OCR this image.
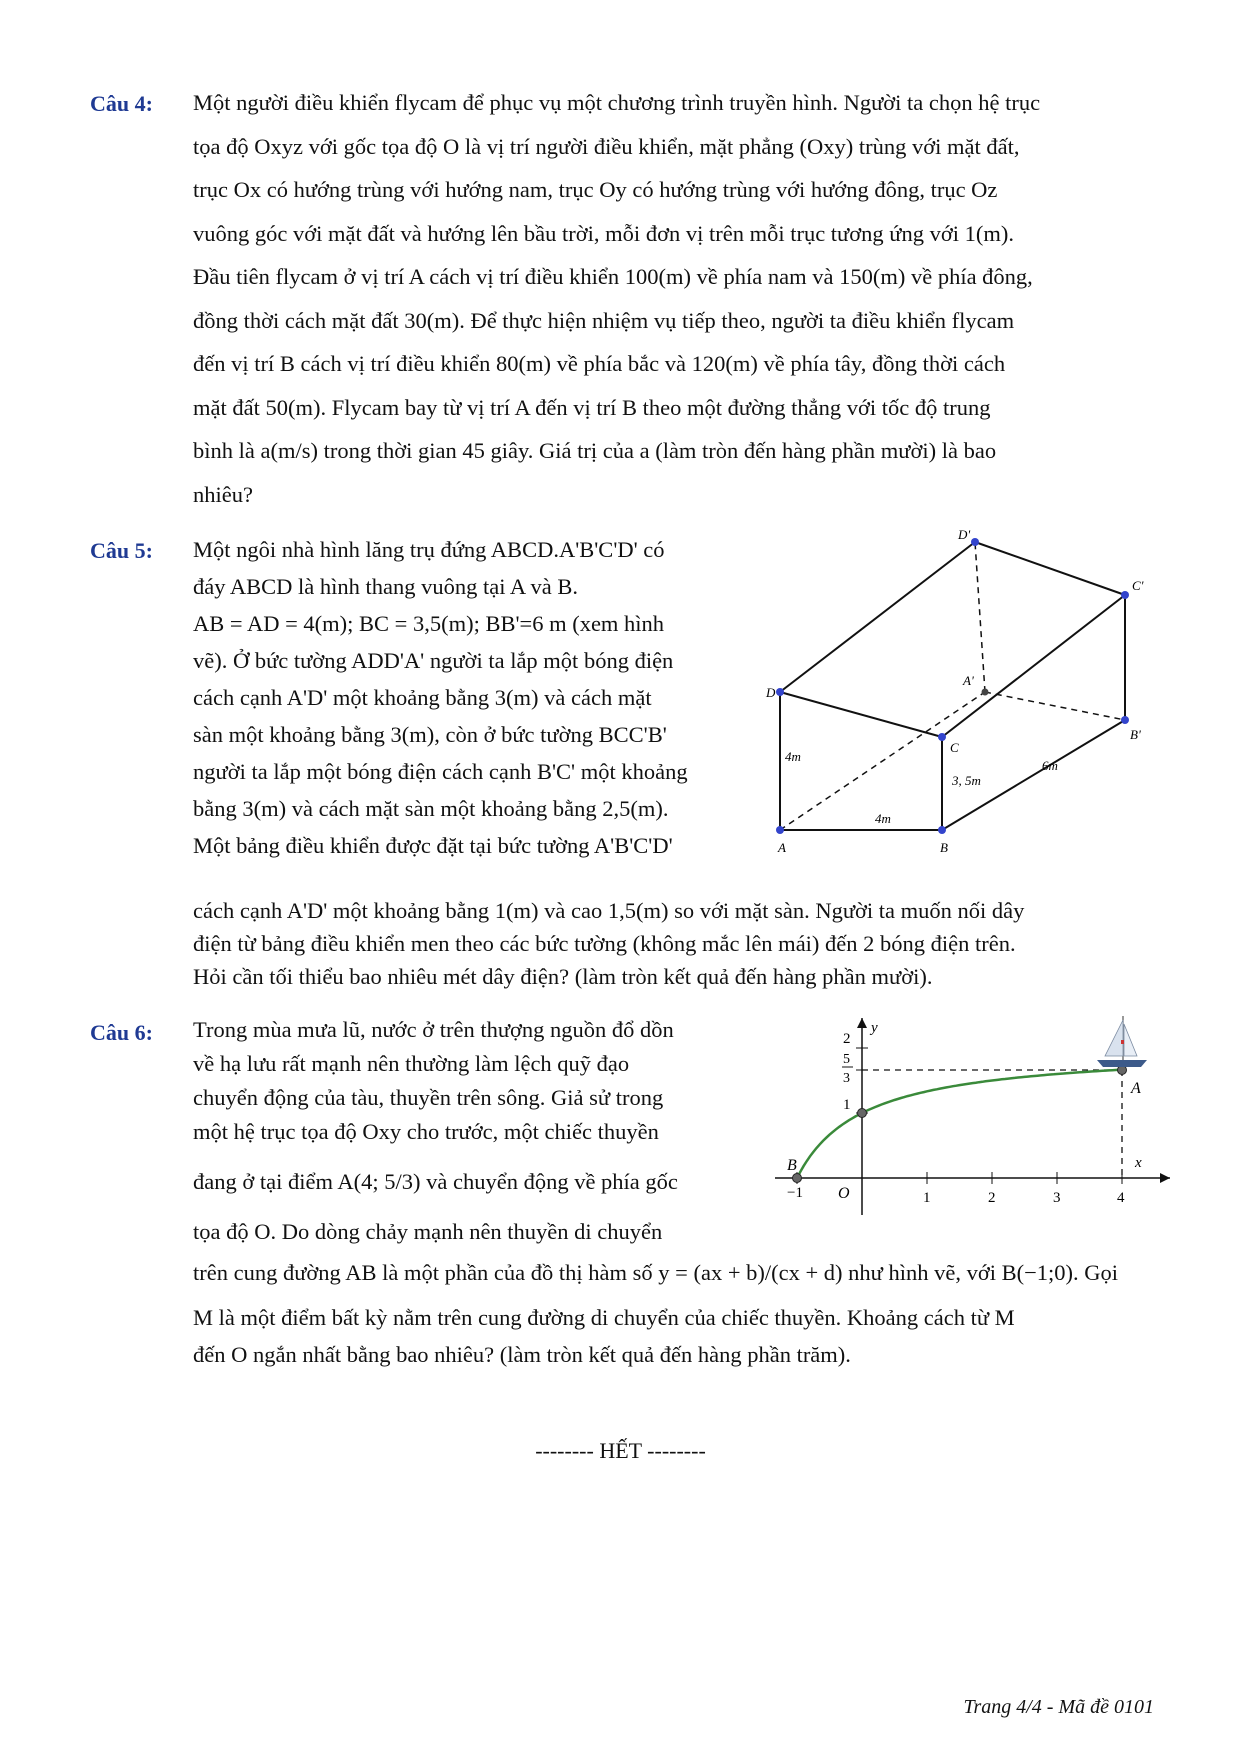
Câu 4: Một người điều khiển flycam để phục vụ một chương trình truyền hình. Người ta chọn hệ trục
tọa độ Oxyz với gốc tọa độ O là vị trí người điều khiển, mặt phẳng (Oxy) trùng với mặt đất,
trục Ox có hướng trùng với hướng nam, trục Oy có hướng trùng với hướng đông, trục Oz
vuông góc với mặt đất và hướng lên bầu trời, mỗi đơn vị trên mỗi trục tương ứng với 1(m).
Đầu tiên flycam ở vị trí A cách vị trí điều khiển 100(m) về phía nam và 150(m) về phía đông,
đồng thời cách mặt đất 30(m). Để thực hiện nhiệm vụ tiếp theo, người ta điều khiển flycam
đến vị trí B cách vị trí điều khiển 80(m) về phía bắc và 120(m) về phía tây, đồng thời cách
mặt đất 50(m). Flycam bay từ vị trí A đến vị trí B theo một đường thẳng với tốc độ trung
bình là a(m/s) trong thời gian 45 giây. Giá trị của a (làm tròn đến hàng phần mười) là bao
nhiêu?
Câu 5: Một ngôi nhà hình lăng trụ đứng ABCD.A'B'C'D' có
đáy ABCD là hình thang vuông tại A và B.
AB = AD = 4(m); BC = 3,5(m); BB'=6 m (xem hình
vẽ). Ở bức tường ADD'A' người ta lắp một bóng điện
cách cạnh A'D' một khoảng bằng 3(m) và cách mặt
sàn một khoảng bằng 3(m), còn ở bức tường BCC'B'
người ta lắp một bóng điện cách cạnh B'C' một khoảng
bằng 3(m) và cách mặt sàn một khoảng bằng 2,5(m).
Một bảng điều khiển được đặt tại bức tường A'B'C'D'	A	B
C
D
A'
B'
C'
D'
4m
4m
3, 5m
6m
cách cạnh A'D' một khoảng bằng 1(m) và cao 1,5(m) so với mặt sàn. Người ta muốn nối dây
điện từ bảng điều khiển men theo các bức tường (không mắc lên mái) đến 2 bóng điện trên.
Hỏi cần tối thiểu bao nhiêu mét dây điện? (làm tròn kết quả đến hàng phần mười).
Câu 6: Trong mùa mưa lũ, nước ở trên thượng nguồn đổ dồn
về hạ lưu rất mạnh nên thường làm lệch quỹ đạo
chuyển động của tàu, thuyền trên sông. Giả sử trong
một hệ trục tọa độ Oxy cho trước, một chiếc thuyền
đang ở tại điểm A(4; 5/3) và chuyển động về phía gốc
tọa độ O. Do dòng chảy mạnh nên thuyền di chuyển
−1	1	2	3	4
1
5
3
2
x
y
O
A
B
trên cung đường AB là một phần của đồ thị hàm số y = (ax + b)/(cx + d) như hình vẽ, với B(−1;0). Gọi
M là một điểm bất kỳ nằm trên cung đường di chuyển của chiếc thuyền. Khoảng cách từ M
đến O ngắn nhất bằng bao nhiêu? (làm tròn kết quả đến hàng phần trăm).
-------- HẾT --------
Trang 4/4 - Mã đề 0101
